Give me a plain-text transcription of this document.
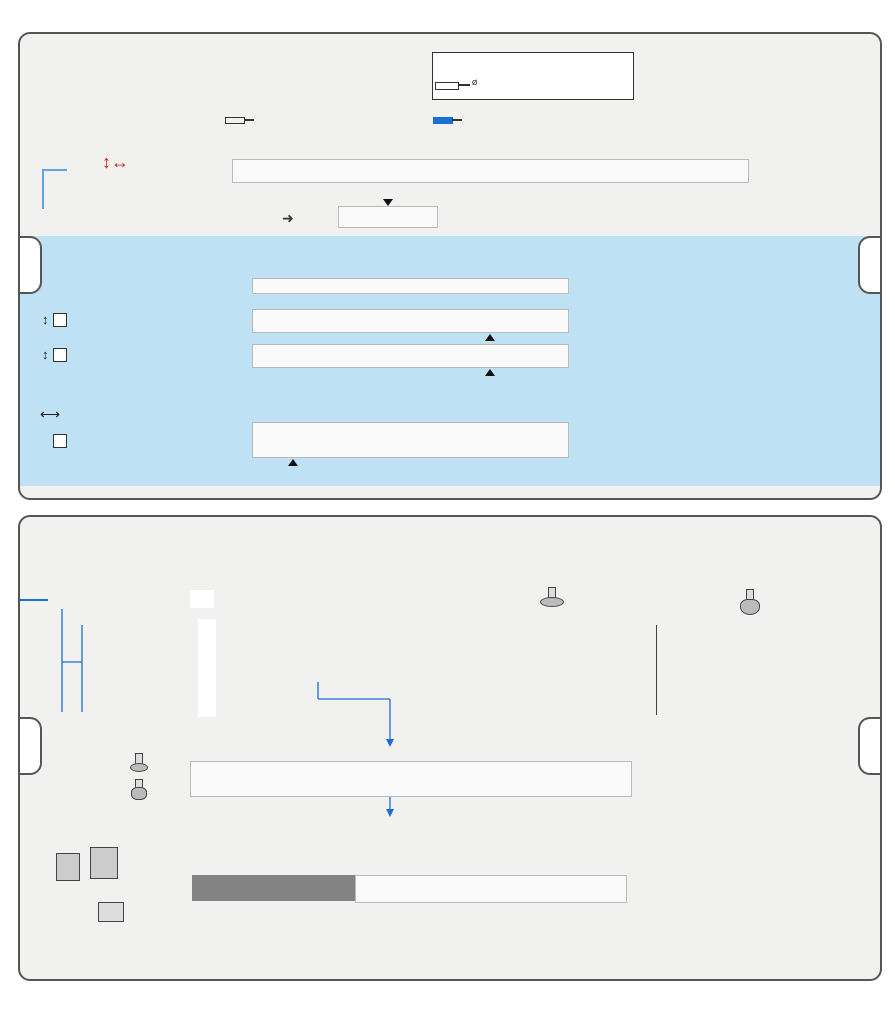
Ø
↕↔
➜
↕
↕
⟷
